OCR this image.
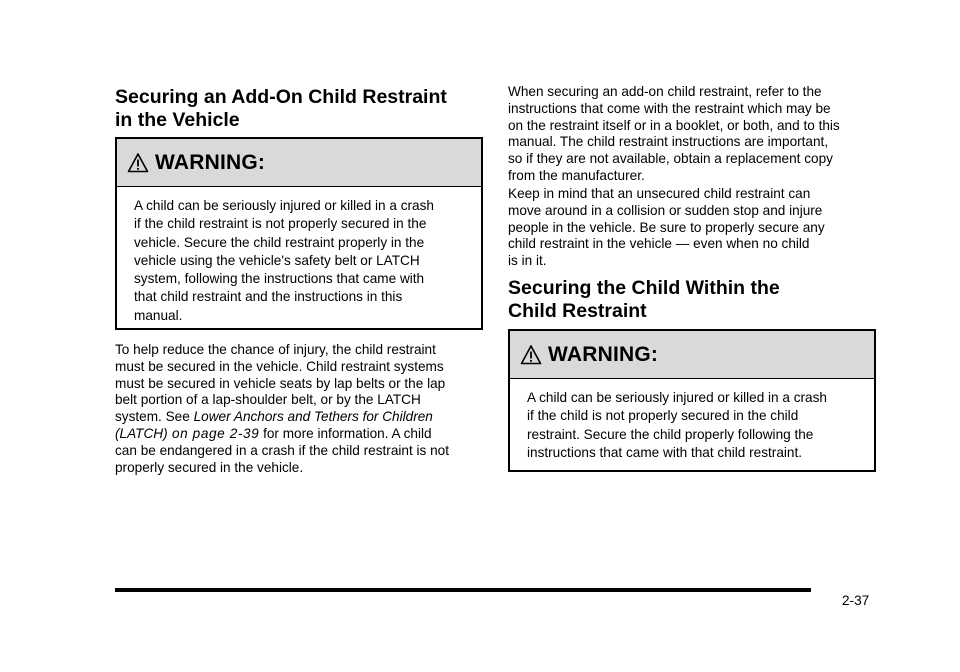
Securing an Add-On Child Restraint
in the Vehicle
WARNING:
A child can be seriously injured or killed in a crash
if the child restraint is not properly secured in the
vehicle. Secure the child restraint properly in the
vehicle using the vehicle's safety belt or LATCH
system, following the instructions that came with
that child restraint and the instructions in this
manual.
To help reduce the chance of injury, the child restraint
must be secured in the vehicle. Child restraint systems
must be secured in vehicle seats by lap belts or the lap
belt portion of a lap-shoulder belt, or by the LATCH
system. See Lower Anchors and Tethers for Children
(LATCH) on page 2-39 for more information. A child
can be endangered in a crash if the child restraint is not
properly secured in the vehicle.
When securing an add-on child restraint, refer to the
instructions that come with the restraint which may be
on the restraint itself or in a booklet, or both, and to this
manual. The child restraint instructions are important,
so if they are not available, obtain a replacement copy
from the manufacturer.
Keep in mind that an unsecured child restraint can
move around in a collision or sudden stop and injure
people in the vehicle. Be sure to properly secure any
child restraint in the vehicle — even when no child
is in it.
Securing the Child Within the
Child Restraint
WARNING:
A child can be seriously injured or killed in a crash
if the child is not properly secured in the child
restraint. Secure the child properly following the
instructions that came with that child restraint.
2-37
